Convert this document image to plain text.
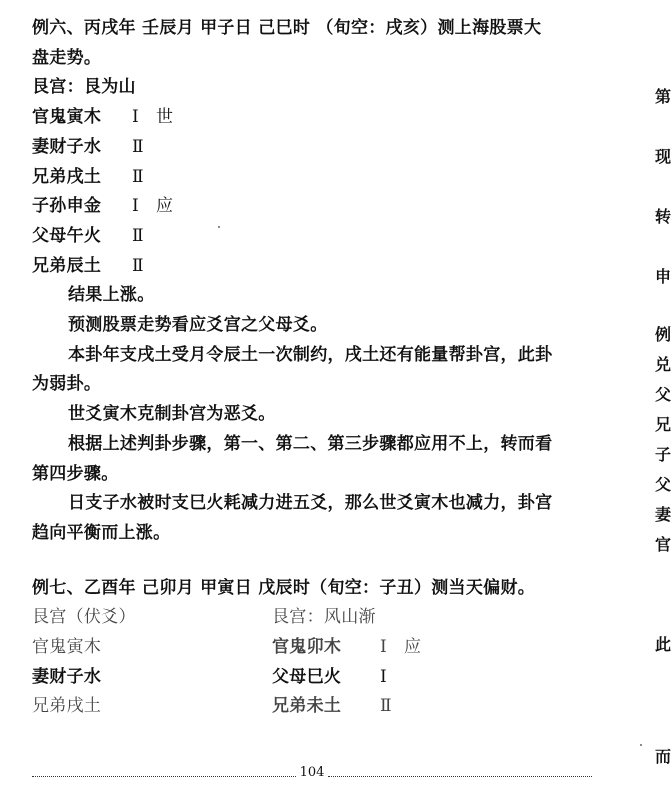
例六、丙戌年 壬辰月 甲子日 己巳时 （旬空：戌亥）测上海股票大
盘走势。
艮宫：艮为山
官鬼寅木 Ⅰ 世
妻财子水 Ⅱ
兄弟戌土 Ⅱ
子孙申金 Ⅰ 应
父母午火 Ⅱ
兄弟辰土 Ⅱ
结果上涨。
预测股票走势看应爻宫之父母爻。
本卦年支戌土受月令辰土一次制约，戌土还有能量帮卦宫，此卦
为弱卦。
世爻寅木克制卦宫为恶爻。
根据上述判卦步骤，第一、第二、第三步骤都应用不上，转而看
第四步骤。
日支子水被时支巳火耗减力进五爻，那么世爻寅木也减力，卦宫
趋向平衡而上涨。
例七、乙酉年 己卯月 甲寅日 戊辰时（旬空：子丑）测当天偏财。
艮宫（伏爻）	艮宫：风山渐
官鬼寅木	官鬼卯木 Ⅰ 应
妻财子水	父母巳火 Ⅰ
兄弟戌土	兄弟未土 Ⅱ
第
现
转
申
例
兑
父
兄
子
父
妻
官
此
而
104
